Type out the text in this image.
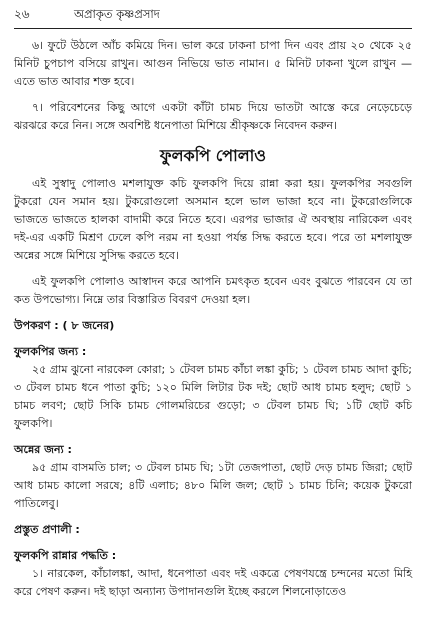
২৬	অপ্রাকৃত কৃষ্ণপ্রসাদ

৬। ফুটে উঠলে আঁচ কমিয়ে দিন। ভাল করে ঢাকনা চাপা দিন এবং প্রায় ২০ থেকে ২৫ মিনিট চুপচাপ বসিয়ে রাখুন। আগুন নিভিয়ে ভাত নামান। ৫ মিনিট ঢাকনা খুলে রাখুন — এতে ভাত আবার শক্ত হবে।

৭। পরিবেশনের কিছু আগে একটা কাঁটা চামচ দিয়ে ভাতটা আস্তে করে নেড়েচেড়ে ঝরঝরে করে নিন। সঙ্গে অবশিষ্ট ধনেপাতা মিশিয়ে শ্রীকৃষ্ণকে নিবেদন করুন।

ফুলকপি পোলাও

এই সুস্বাদু পোলাও মশলাযুক্ত কচি ফুলকপি দিয়ে রান্না করা হয়। ফুলকপির সবগুলি টুকরো যেন সমান হয়। টুকরোগুলো অসমান হলে ভাল ভাজা হবে না। টুকরোগুলিকে ভাজতে ভাজতে হালকা বাদামী করে নিতে হবে। এরপর ভাজার ঐ অবস্থায় নারিকেল এবং দই-এর একটি মিশ্রণ ঢেলে কপি নরম না হওয়া পর্যন্ত সিদ্ধ করতে হবে। পরে তা মশলাযুক্ত অন্নের সঙ্গে মিশিয়ে সুসিদ্ধ করতে হবে।

এই ফুলকপি পোলাও আস্বাদন করে আপনি চমৎকৃত হবেন এবং বুঝতে পারবেন যে তা কত উপভোগ্য। নিম্নে তার বিস্তারিত বিবরণ দেওয়া হল।

উপকরণ : ( ৮ জনের)
ফুলকপির জন্য :

২৫ গ্রাম ঝুনো নারকেল কোরা; ১ টেবল চামচ কাঁচা লঙ্কা কুচি; ১ টেবল চামচ আদা কুচি; ৩ টেবল চামচ ধনে পাতা কুচি; ১২০ মিলি লিটার টক দই; ছোট আধ চামচ হলুদ; ছোট ১ চামচ লবণ; ছোট সিকি চামচ গোলমরিচের গুড়ো; ৩ টেবল চামচ ঘি; ১টি ছোট কচি ফুলকপি।

অন্নের জন্য :

৯৫ গ্রাম বাসমতি চাল; ৩ টেবল চামচ ঘি; ১টা তেজপাতা, ছোট দেড় চামচ জিরা; ছোট আধ চামচ কালো সরষে; ৪টি এলাচ; ৪৮০ মিলি জল; ছোট ১ চামচ চিনি; কয়েক টুকরো পাতিলেবু।

প্রস্তুত প্রণালী :
ফুলকপি রান্নার পদ্ধতি :

১। নারকেল, কাঁচালঙ্কা, আদা, ধনেপাতা এবং দই একত্রে পেষণযন্ত্রে চন্দনের মতো মিহি করে পেষণ করুন। দই ছাড়া অন্যান্য উপাদানগুলি ইচ্ছে করলে শিলনোড়াতেও
